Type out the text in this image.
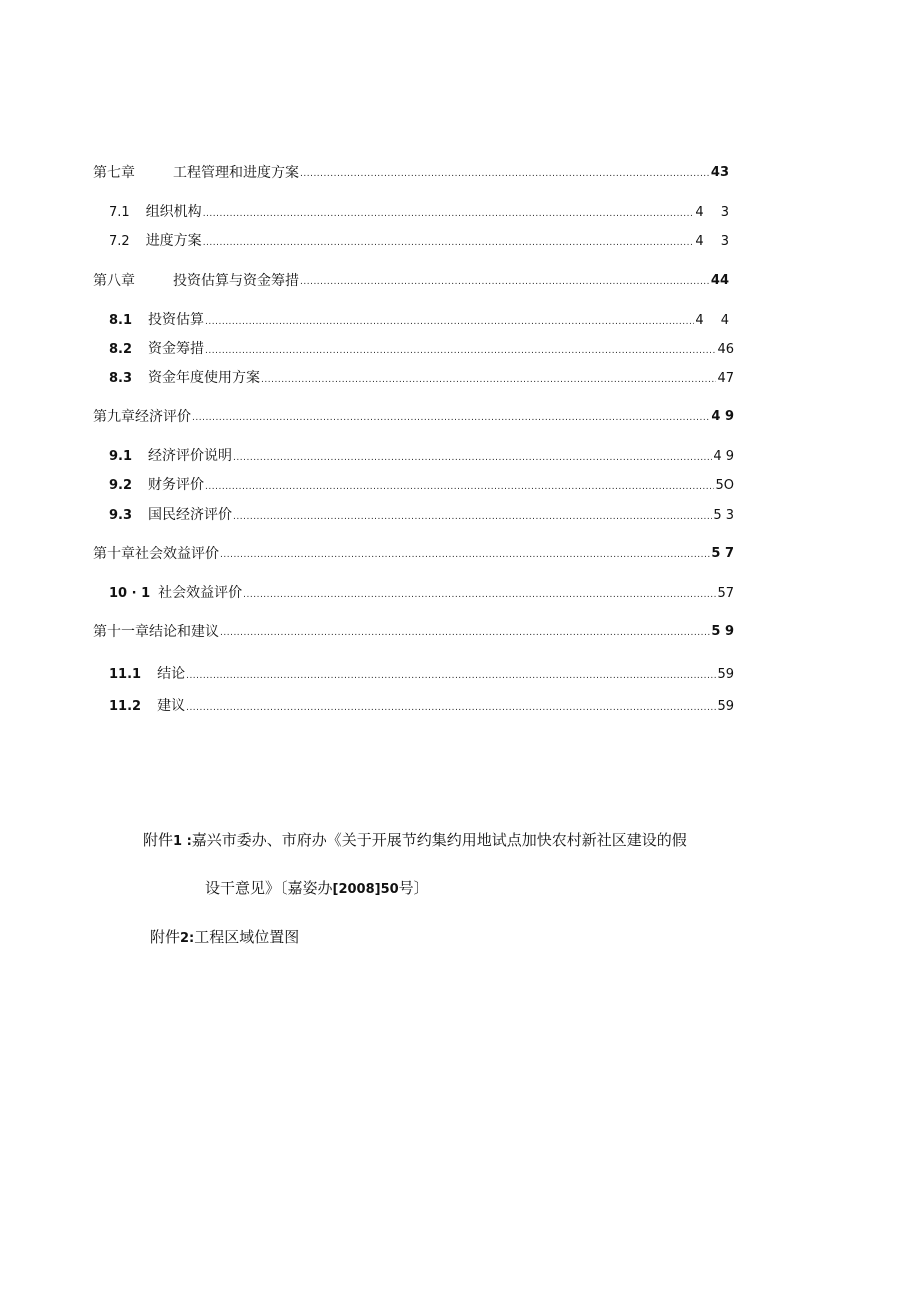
第七章	工程管理和进度方案 .....	43
7.1 组织机构 .....	4  3
7.2 进度方案 .....	4  3
第八章	投资估算与资金筹措 .....	44
8.1 投资估算 .....	4  4
8.2 资金筹措 .....	46
8.3 资金年度使用方案 .....	47
第九章经济评价 .....	4 9
9.1 经济评价说明 .....	4 9
9.2 财务评价 .....	5O
9.3 国民经济评价 .....	5 3
第十章社会效益评价 .....	5 7
10 · 1 社会效益评价 .....	57
第十一章结论和建议 .....	5 9
11.1 结论 .....	59
11.2 建议 .....	59
附件1 :嘉兴市委办、市府办《关于开展节约集约用地试点加快农村新社区建设的假
设干意见》〔嘉姿办[2008]50号〕
附件2:工程区域位置图
